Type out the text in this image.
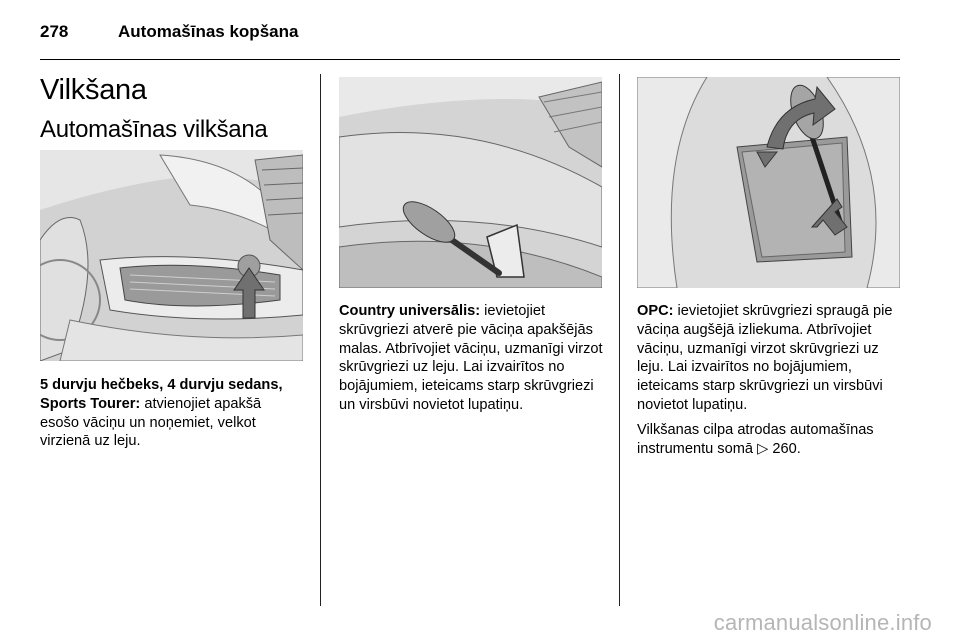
278	Automašīnas kopšana
Vilkšana
Automašīnas vilkšana
5 durvju hečbeks, 4 durvju sedans, Sports Tourer: atvienojiet apakšā esošo vāciņu un noņemiet, velkot virzienā uz leju.
Country universālis: ievietojiet skrūvgriezi atverē pie vāciņa apakšējās malas. Atbrīvojiet vāciņu, uzmanīgi virzot skrūvgriezi uz leju. Lai izvairītos no bojājumiem, ieteicams starp skrūvgriezi un virsbūvi novietot lupatiņu.
OPC: ievietojiet skrūvgriezi spraugā pie vāciņa augšējā izliekuma. Atbrīvojiet vāciņu, uzmanīgi virzot skrūvgriezi uz leju. Lai izvairītos no bojājumiem, ieteicams starp skrūvgriezi un virsbūvi novietot lupatiņu.
Vilkšanas cilpa atrodas automašīnas instrumentu somā ▷ 260.
carmanualsonline.info
